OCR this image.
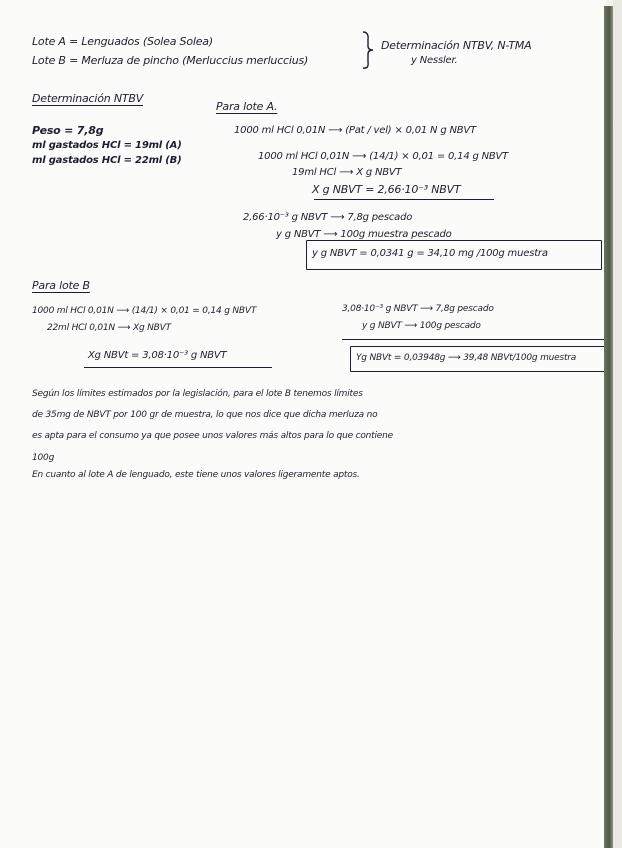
Lote A = Lenguados (Solea Solea)
Lote B = Merluza de pincho (Merluccius merluccius)
Determinación NTBV, N-TMA
y Nessler.
Determinación NTBV
Peso = 7,8g
ml gastados HCl = 19ml (A)
ml gastados HCl = 22ml (B)
Para lote A.
1000 ml HCl 0,01N ⟶ (Pat / vel) × 0,01 N g NBVT
1000 ml HCl 0,01N ⟶ (14/1) × 0,01 = 0,14 g NBVT
19ml HCl ⟶ X g NBVT
X g NBVT = 2,66·10⁻³ NBVT
2,66·10⁻³ g NBVT ⟶ 7,8g pescado
y g NBVT ⟶ 100g muestra pescado
y g NBVT = 0,0341 g = 34,10 mg /100g muestra
Para lote B
1000 ml HCl 0,01N ⟶ (14/1) × 0,01 = 0,14 g NBVT
22ml HCl 0,01N ⟶ Xg NBVT
Xg NBVt = 3,08·10⁻³ g NBVT
3,08·10⁻³ g NBVT ⟶ 7,8g pescado
y g NBVT ⟶ 100g pescado
Yg NBVt = 0,03948g ⟶ 39,48 NBVt/100g muestra
Según los límites estimados por la legislación, para el lote B tenemos límites
de 35mg de NBVT por 100 gr de muestra, lo que nos dice que dicha merluza no
es apta para el consumo ya que posee unos valores más altos para lo que contiene
100g
En cuanto al lote A de lenguado, este tiene unos valores ligeramente aptos.
